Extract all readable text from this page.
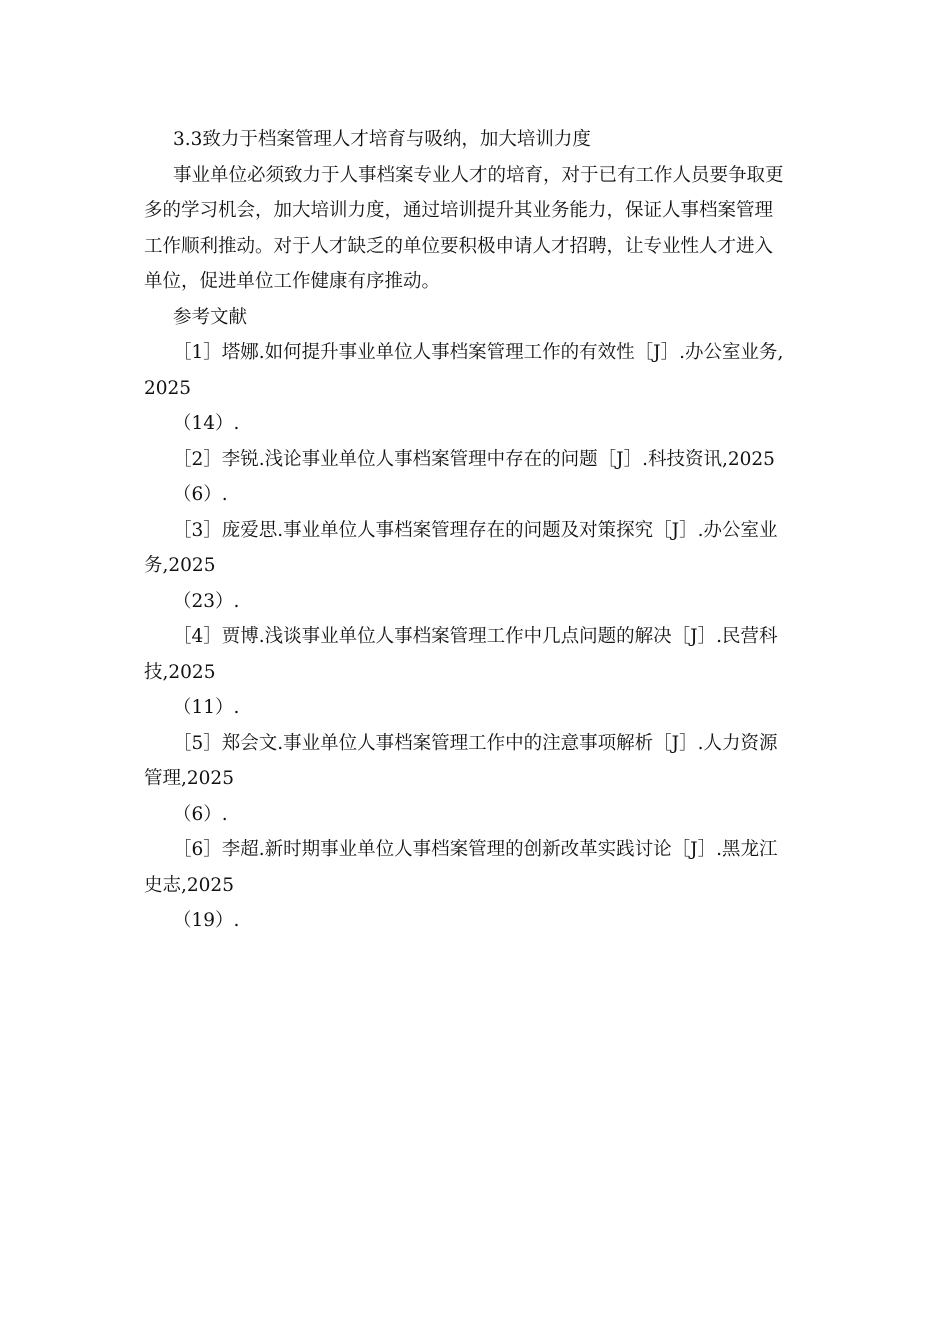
3.3致力于档案管理人才培育与吸纳，加大培训力度
事业单位必须致力于人事档案专业人才的培育，对于已有工作人员要争取更
多的学习机会，加大培训力度，通过培训提升其业务能力，保证人事档案管理
工作顺利推动。对于人才缺乏的单位要积极申请人才招聘，让专业性人才进入
单位，促进单位工作健康有序推动。
参考文献
［1］塔娜.如何提升事业单位人事档案管理工作的有效性［J］.办公室业务,
2025
（14）.
［2］李锐.浅论事业单位人事档案管理中存在的问题［J］.科技资讯,2025
（6）.
［3］庞爱思.事业单位人事档案管理存在的问题及对策探究［J］.办公室业
务,2025
（23）.
［4］贾博.浅谈事业单位人事档案管理工作中几点问题的解决［J］.民营科
技,2025
（11）.
［5］郑会文.事业单位人事档案管理工作中的注意事项解析［J］.人力资源
管理,2025
（6）.
［6］李超.新时期事业单位人事档案管理的创新改革实践讨论［J］.黑龙江
史志,2025
（19）.
